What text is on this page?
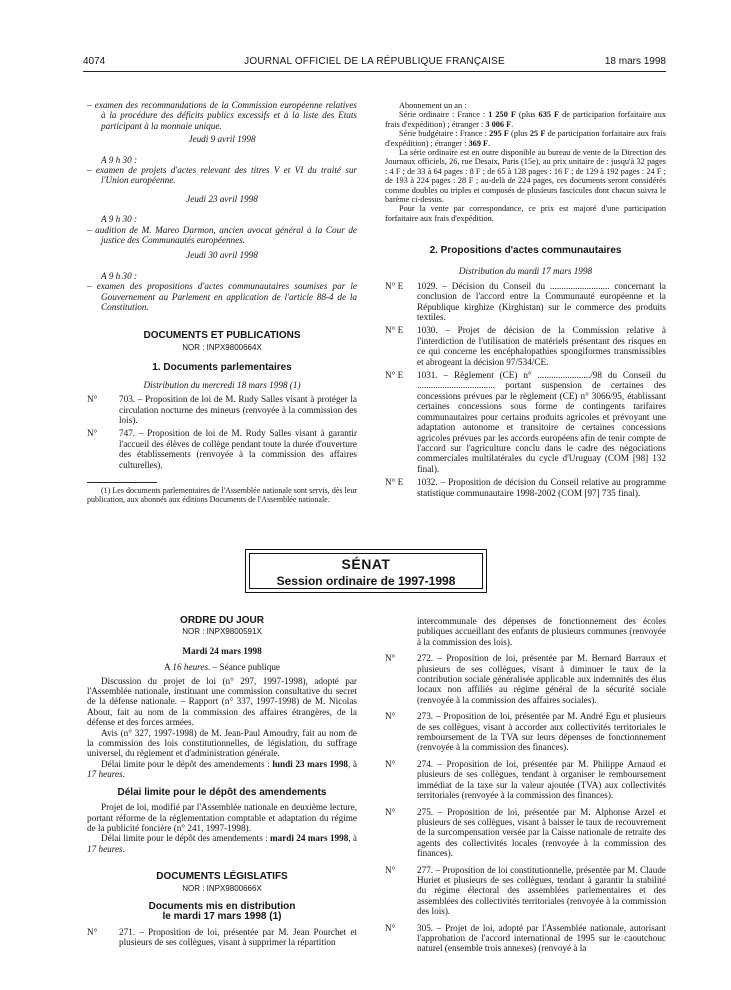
4074	JOURNAL OFFICIEL DE LA RÉPUBLIQUE FRANÇAISE	18 mars 1998

– examen des recommandations de la Commission européenne relatives à la procédure des déficits publics excessifs et à la liste des Etats participant à la monnaie unique.

Jeudi 9 avril 1998

A 9 h 30 :

– examen de projets d'actes relevant des titres V et VI du traité sur l'Union européenne.

Jeudi 23 avril 1998

A 9 h 30 :

– audition de M. Mareo Darmon, ancien avocat général à la Cour de justice des Communautés européennes.

Jeudi 30 avril 1998

A 9 h 30 :

– examen des propositions d'actes communautaires soumises par le Gouvernement au Parlement en application de l'article 88-4 de la Constitution.

DOCUMENTS ET PUBLICATIONS

NOR : INPX9800664X

1. Documents parlementaires

Distribution du mercredi 18 mars 1998 (1)

N° 703. – Proposition de loi de M. Rudy Salles visant à protéger la circulation nocturne des mineurs (renvoyée à la commission des lois).

N° 747. – Proposition de loi de M. Rudy Salles visant à garantir l'accueil des élèves de collège pendant toute la durée d'ouverture des établissements (renvoyée à la commission des affaires culturelles).

(1) Les documents parlementaires de l'Assemblée nationale sont servis, dès leur publication, aux abonnés aux éditions Documents de l'Assemblée nationale.

Abonnement un an :

Série ordinaire : France : 1 250 F (plus 635 F de participation forfaitaire aux frais d'expédition) ; étranger : 3 006 F.

Série budgétaire : France : 295 F (plus 25 F de participation forfaitaire aux frais d'expédition) ; étranger : 369 F.

La série ordinaire est en outre disponible au bureau de vente de la Direction des Journaux officiels, 26, rue Desaix, Paris (15e), au prix unitaire de : jusqu'à 32 pages : 4 F ; de 33 à 64 pages : 8 F ; de 65 à 128 pages : 16 F ; de 129 à 192 pages : 24 F ; de 193 à 224 pages : 28 F ; au-delà de 224 pages, ces documents seront considérés comme doubles ou triples et composés de plusieurs fascicules dont chacun suivra le barème ci-dessus.

Pour la vente par correspondance, ce prix est majoré d'une participation forfaitaire aux frais d'expédition.

2. Propositions d'actes communautaires

Distribution du mardi 17 mars 1998

N° E 1029. – Décision du Conseil du .......................... concernant la conclusion de l'accord entre la Communauté européenne et la République kirghize (Kirghistan) sur le commerce des produits textiles.

N° E 1030. – Projet de décision de la Commission relative à l'interdiction de l'utilisation de matériels présentant des risques en ce qui concerne les encéphalopathies spongiformes transmissibles et abrogeant la décision 97/534/CE.

N° E 1031. – Règlement (CE) n° ......................./98 du Conseil du .................................. portant suspension de certaines des concessions prévues par le règlement (CE) n° 3066/95, établissant certaines concessions sous forme de contingents tarifaires communautaires pour certains produits agricoles et prévoyant une adaptation autonome et transitoire de certaines concessions agricoles prévues par les accords européens afin de tenir compte de l'accord sur l'agriculture conclu dans le cadre des négociations commerciales multilatérales du cycle d'Uruguay (COM [98] 132 final).

N° E 1032. – Proposition de décision du Conseil relative au programme statistique communautaire 1998-2002 (COM [97] 735 final).

SÉNAT
Session ordinaire de 1997-1998

ORDRE DU JOUR

NOR : INPX9800591X

Mardi 24 mars 1998

A 16 heures. – Séance publique

Discussion du projet de loi (n° 297, 1997-1998), adopté par l'Assemblée nationale, instituant une commission consultative du secret de la défense nationale. – Rapport (n° 337, 1997-1998) de M. Nicolas About, fait au nom de la commission des affaires étrangères, de la défense et des forces armées.

Avis (n° 327, 1997-1998) de M. Jean-Paul Amoudry, fait au nom de la commission des lois constitutionnelles, de législation, du suffrage universel, du règlement et d'administration générale.

Délai limite pour le dépôt des amendements : lundi 23 mars 1998, à 17 heures.

Délai limite pour le dépôt des amendements

Projet de loi, modifié par l'Assemblée nationale en deuxième lecture, portant réforme de la réglementation comptable et adaptation du régime de la publicité foncière (n° 241, 1997-1998).

Délai limite pour le dépôt des amendements : mardi 24 mars 1998, à 17 heures.

DOCUMENTS LÉGISLATIFS

NOR : INPX9800666X

Documents mis en distribution

le mardi 17 mars 1998 (1)

N° 271. – Proposition de loi, présentée par M. Jean Pourchet et plusieurs de ses collègues, visant à supprimer la répartition

intercommunale des dépenses de fonctionnement des écoles publiques accueillant des enfants de plusieurs communes (renvoyée à la commission des lois).

N° 272. – Proposition de loi, présentée par M. Bernard Barraux et plusieurs de ses collègues, visant à diminuer le taux de la contribution sociale généralisée applicable aux indemnités des élus locaux non affiliés au régime général de la sécurité sociale (renvoyée à la commission des affaires sociales).

N° 273. – Proposition de loi, présentée par M. André Egu et plusieurs de ses collègues, visant à accorder aux collectivités territoriales le remboursement de la TVA sur leurs dépenses de fonctionnement (renvoyée à la commission des finances).

N° 274. – Proposition de loi, présentée par M. Philippe Arnaud et plusieurs de ses collègues, tendant à organiser le remboursement immédiat de la taxe sur la valeur ajoutée (TVA) aux collectivités territoriales (renvoyée à la commission des finances).

N° 275. – Proposition de loi, présentée par M. Alphonse Arzel et plusieurs de ses collègues, visant à baisser le taux de recouvrement de la surcompensation versée par la Caisse nationale de retraite des agents des collectivités locales (renvoyée à la commission des finances).

N° 277. – Proposition de loi constitutionnelle, présentée par M. Claude Huriet et plusieurs de ses collègues, tendant à garantir la stabilité du régime électoral des assemblées parlementaires et des assemblées des collectivités territoriales (renvoyée à la commission des lois).

N° 305. – Projet de loi, adopté par l'Assemblée nationale, autorisant l'approbation de l'accord international de 1995 sur le caoutchouc naturel (ensemble trois annexes) (renvoyé à la
